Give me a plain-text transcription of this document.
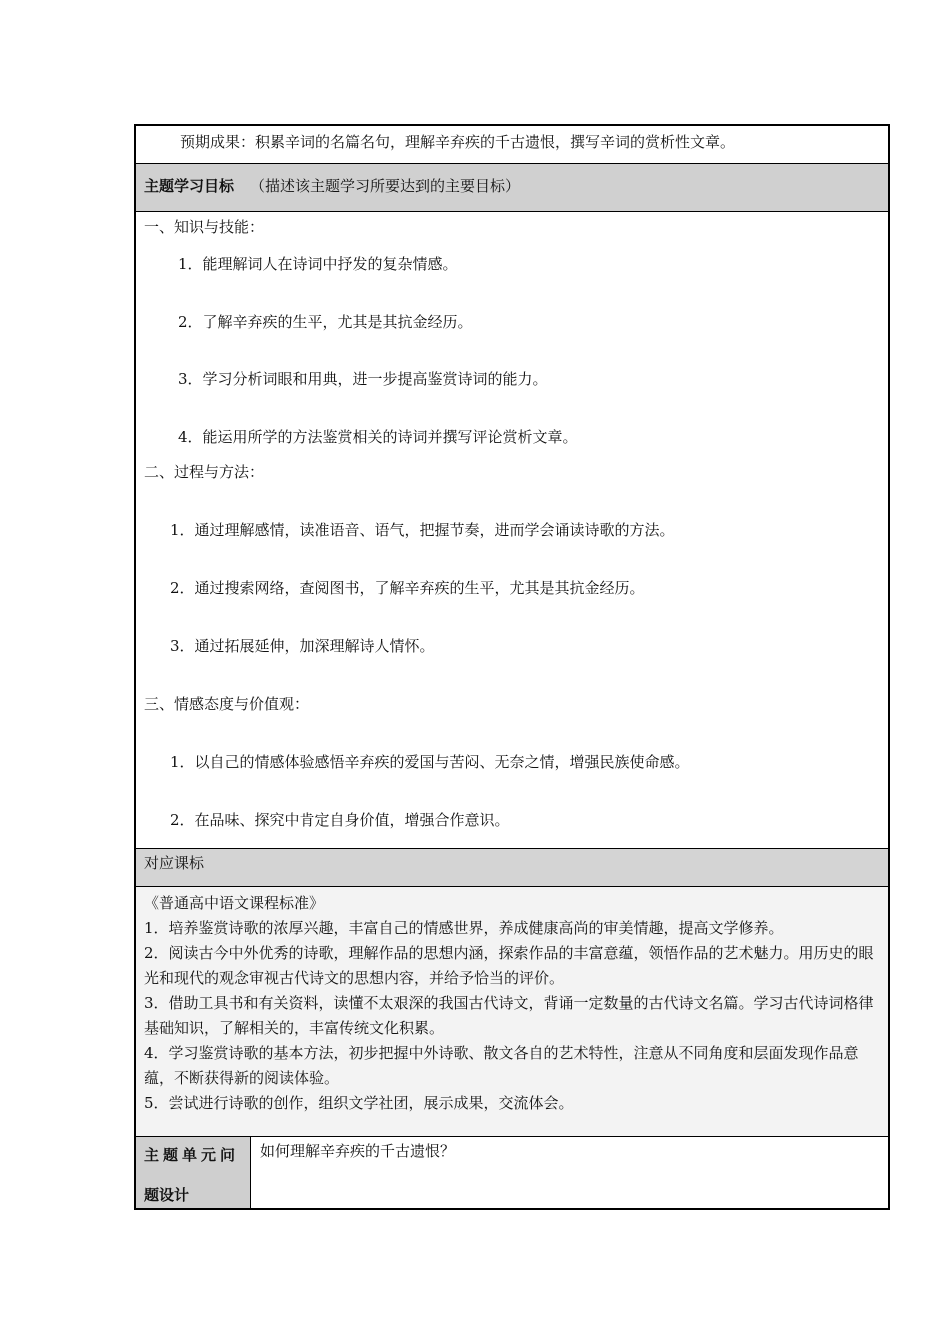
预期成果：积累辛词的名篇名句，理解辛弃疾的千古遗恨，撰写辛词的赏析性文章。
主题学习目标 （描述该主题学习所要达到的主要目标）
一、知识与技能：
1．能理解词人在诗词中抒发的复杂情感。
2．了解辛弃疾的生平，尤其是其抗金经历。
3．学习分析词眼和用典，进一步提高鉴赏诗词的能力。
4．能运用所学的方法鉴赏相关的诗词并撰写评论赏析文章。
二、过程与方法：
1．通过理解感情，读准语音、语气，把握节奏，进而学会诵读诗歌的方法。
2．通过搜索网络，查阅图书，了解辛弃疾的生平，尤其是其抗金经历。
3．通过拓展延伸，加深理解诗人情怀。
三、情感态度与价值观：
1．以自己的情感体验感悟辛弃疾的爱国与苦闷、无奈之情，增强民族使命感。
2．在品味、探究中肯定自身价值，增强合作意识。
对应课标

《普通高中语文课程标准》

1．培养鉴赏诗歌的浓厚兴趣，丰富自己的情感世界，养成健康高尚的审美情趣，提高文学修养。

2．阅读古今中外优秀的诗歌，理解作品的思想内涵，探索作品的丰富意蕴，领悟作品的艺术魅力。用历史的眼光和现代的观念审视古代诗文的思想内容，并给予恰当的评价。

3．借助工具书和有关资料，读懂不太艰深的我国古代诗文，背诵一定数量的古代诗文名篇。学习古代诗词格律基础知识，了解相关的，丰富传统文化积累。

4．学习鉴赏诗歌的基本方法，初步把握中外诗歌、散文各自的艺术特性，注意从不同角度和层面发现作品意蕴，不断获得新的阅读体验。

5．尝试进行诗歌的创作，组织文学社团，展示成果，交流体会。

主题单元问
题设计
如何理解辛弃疾的千古遗恨？
